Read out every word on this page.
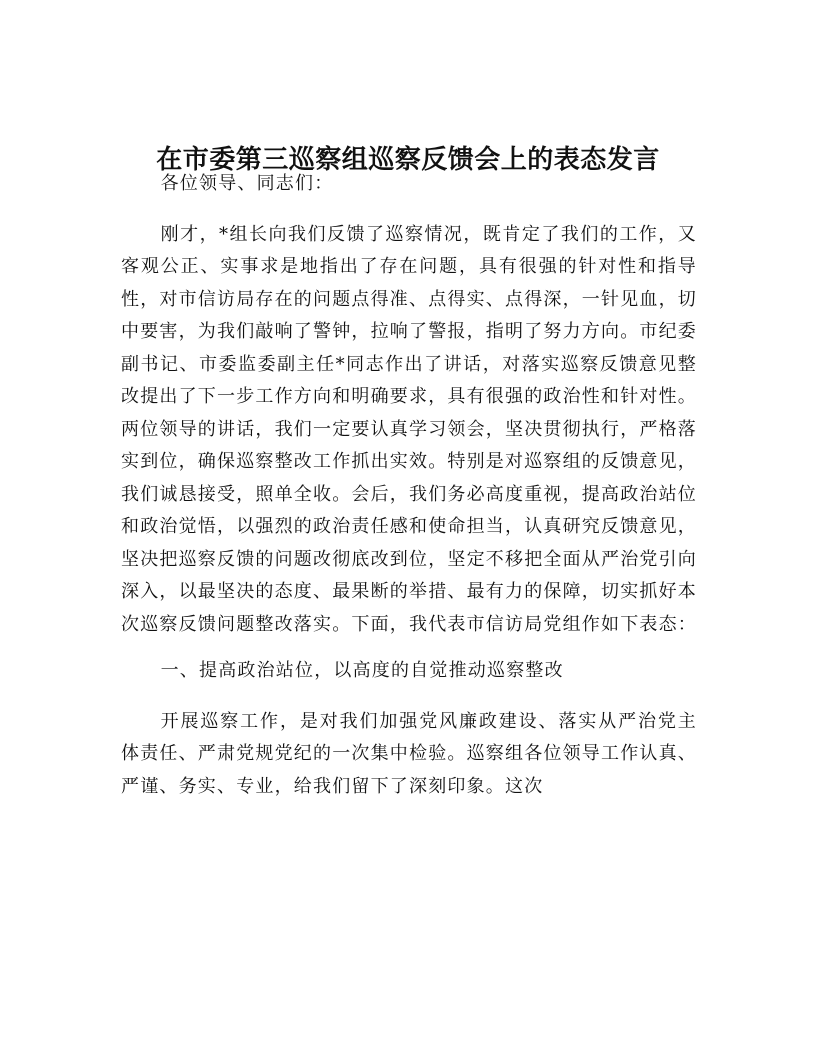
在市委第三巡察组巡察反馈会上的表态发言

各位领导、同志们：

刚才，*组长向我们反馈了巡察情况，既肯定了我们的工作，又客观公正、实事求是地指出了存在问题，具有很强的针对性和指导性，对市信访局存在的问题点得准、点得实、点得深，一针见血，切中要害，为我们敲响了警钟，拉响了警报，指明了努力方向。市纪委副书记、市委监委副主任*同志作出了讲话，对落实巡察反馈意见整改提出了下一步工作方向和明确要求，具有很强的政治性和针对性。两位领导的讲话，我们一定要认真学习领会，坚决贯彻执行，严格落实到位，确保巡察整改工作抓出实效。特别是对巡察组的反馈意见，我们诚恳接受，照单全收。会后，我们务必高度重视，提高政治站位和政治觉悟，以强烈的政治责任感和使命担当，认真研究反馈意见，坚决把巡察反馈的问题改彻底改到位，坚定不移把全面从严治党引向深入，以最坚决的态度、最果断的举措、最有力的保障，切实抓好本次巡察反馈问题整改落实。下面，我代表市信访局党组作如下表态：

一、提高政治站位，以高度的自觉推动巡察整改

开展巡察工作，是对我们加强党风廉政建设、落实从严治党主体责任、严肃党规党纪的一次集中检验。巡察组各位领导工作认真、严谨、务实、专业，给我们留下了深刻印象。这次
